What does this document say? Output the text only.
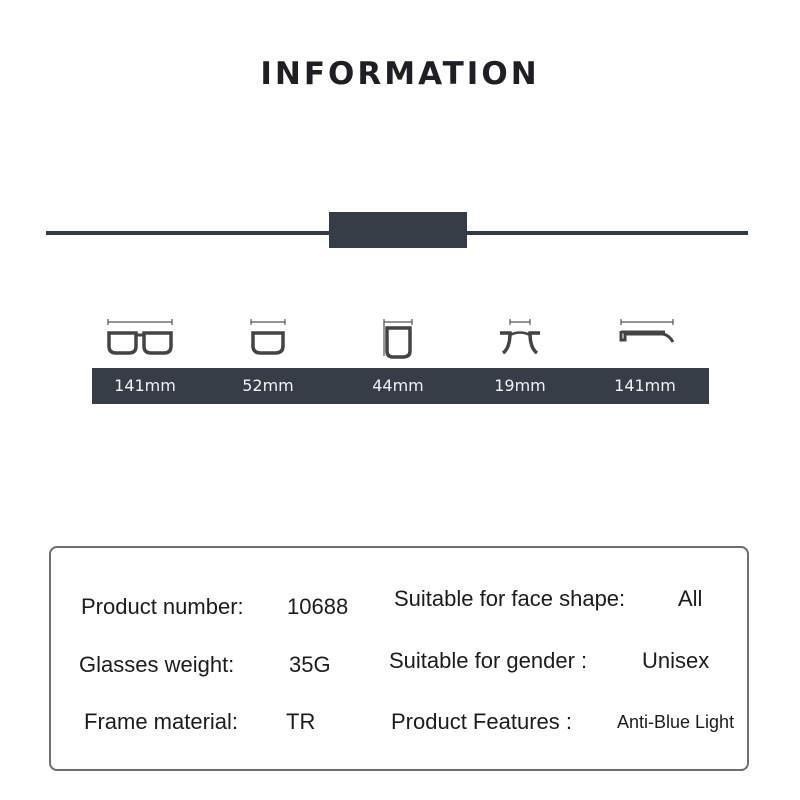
INFORMATION
141mm	52mm	44mm	19mm	141mm
Product number: 10688
Glasses weight: 35G
Frame material: TR
Suitable for face shape: All
Suitable for gender : Unisex
Product Features :	Anti-Blue Light
